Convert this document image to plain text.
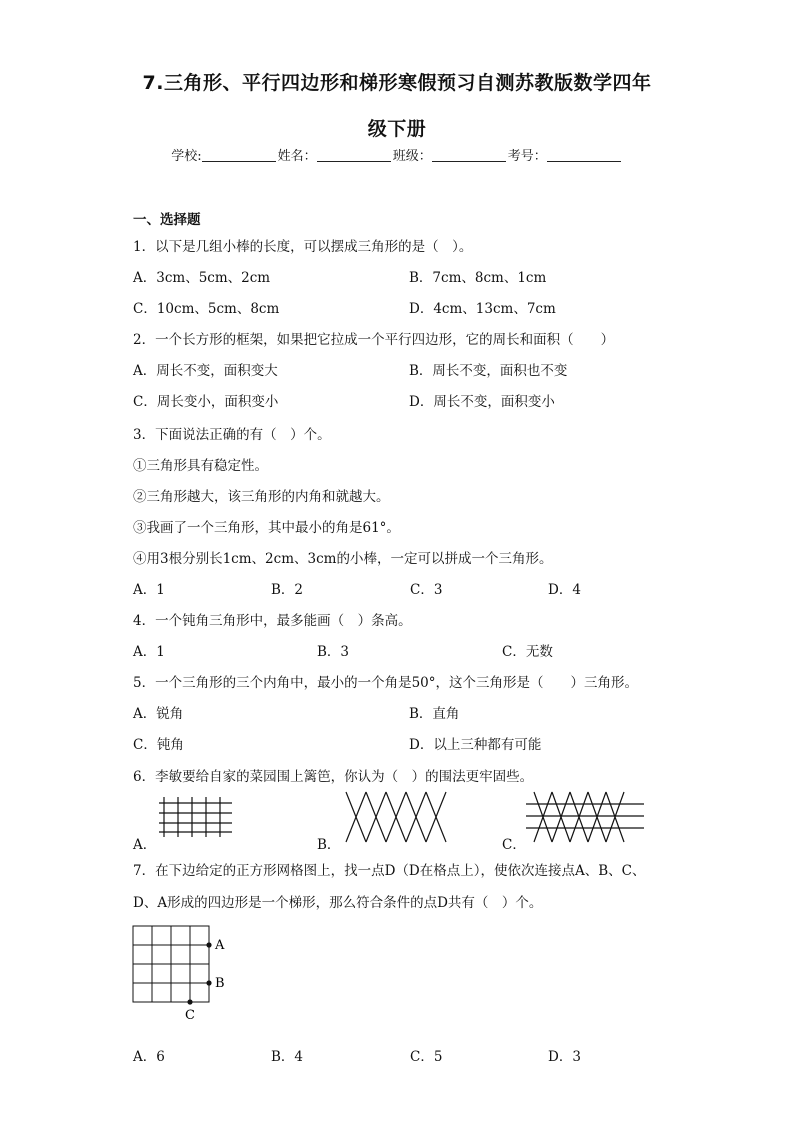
7.三角形、平行四边形和梯形寒假预习自测苏教版数学四年
级下册
学校:	姓名：	班级：	考号：
一、选择题
1．以下是几组小棒的长度，可以摆成三角形的是（　）。
A．3cm、5cm、2cm	B．7cm、8cm、1cm
C．10cm、5cm、8cm	D．4cm、13cm、7cm
2．一个长方形的框架，如果把它拉成一个平行四边形，它的周长和面积（　　）
A．周长不变，面积变大	B．周长不变，面积也不变
C．周长变小，面积变小	D．周长不变，面积变小
3．下面说法正确的有（　）个。
①三角形具有稳定性。
②三角形越大，该三角形的内角和就越大。
③我画了一个三角形，其中最小的角是61°。
④用3根分别长1cm、2cm、3cm的小棒，一定可以拼成一个三角形。
A．1	B．2	C．3	D．4
4．一个钝角三角形中，最多能画（　）条高。
A．1	B．3	C．无数
5．一个三角形的三个内角中，最小的一个角是50°，这个三角形是（　　）三角形。
A．锐角	B．直角
C．钝角	D．以上三种都有可能
6．李敏要给自家的菜园围上篱笆，你认为（　）的围法更牢固些。
A．	B．	C．
7．在下边给定的正方形网格图上，找一点D（D在格点上），使依次连接点A、B、C、
D、A形成的四边形是一个梯形，那么符合条件的点D共有（　）个。
A
B
C
A．6	B．4	C．5	D．3
